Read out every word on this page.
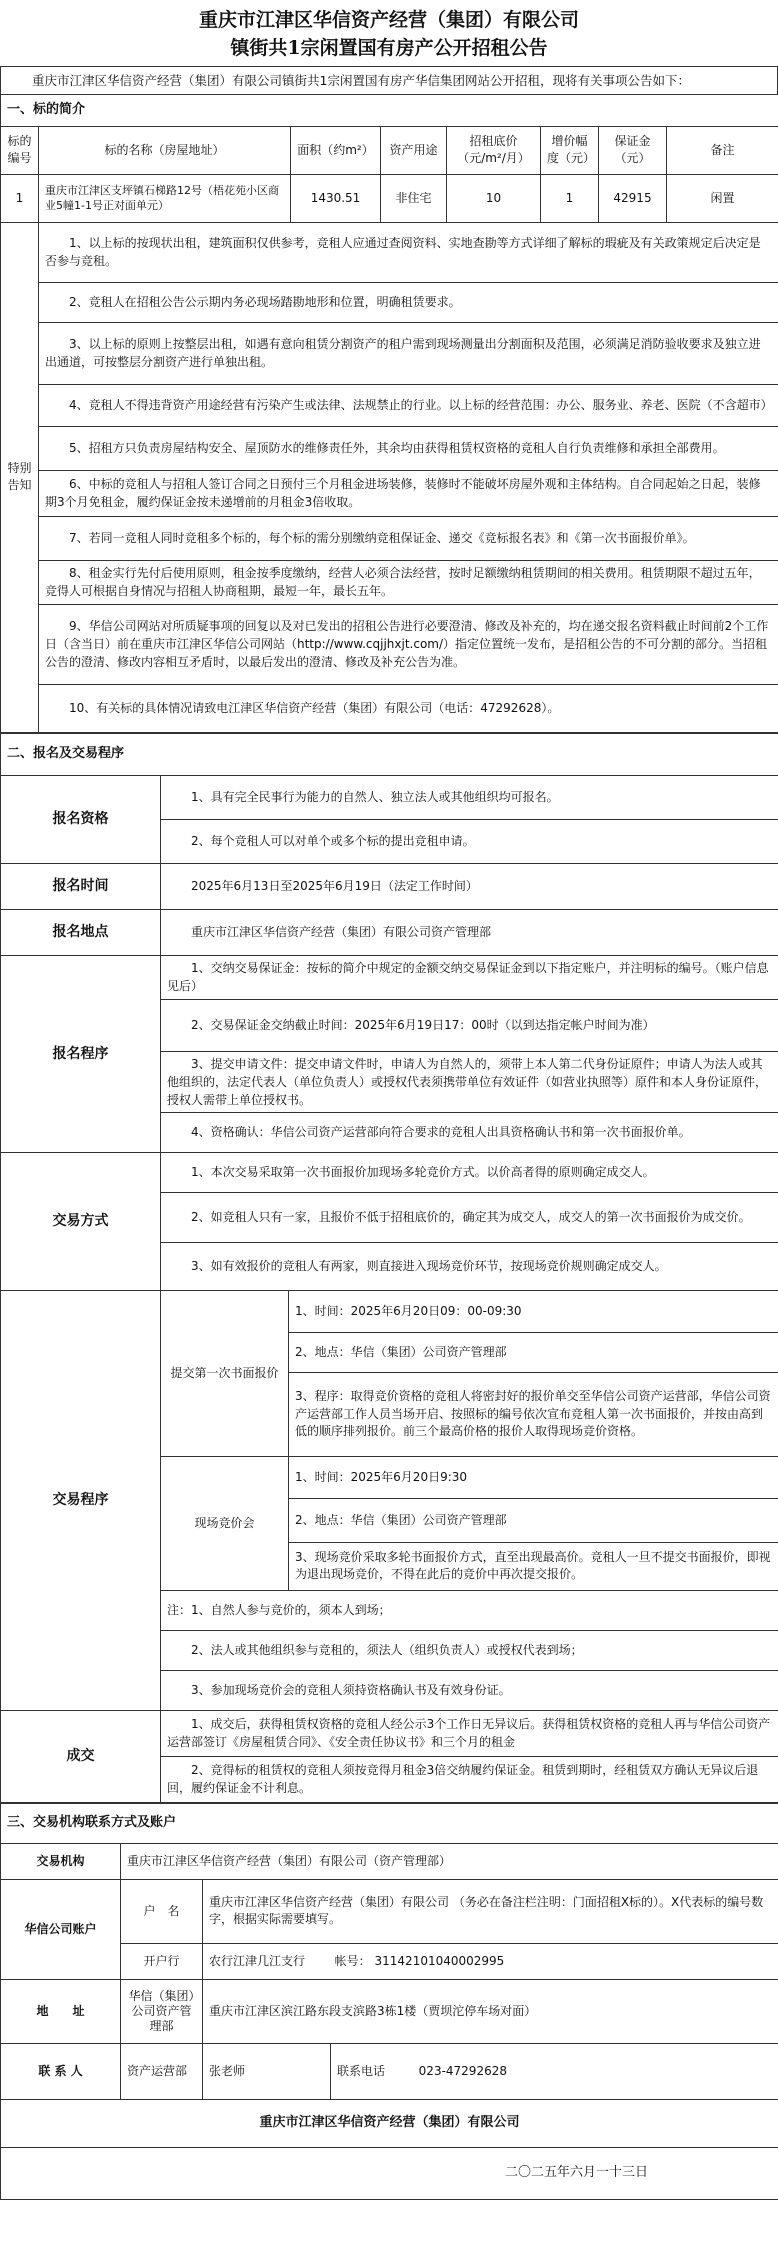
重庆市江津区华信资产经营（集团）有限公司
镇街共1宗闲置国有房产公开招租公告
重庆市江津区华信资产经营（集团）有限公司镇街共1宗闲置国有房产华信集团网站公开招租，现将有关事项公告如下：
一、标的简介							
标的编号	标的名称（房屋地址）	面积（约m²）	资产用途	招租底价（元/m²/月）	增价幅度（元）	保证金（元）	备注
1	重庆市江津区支坪镇石梯路12号（梧花苑小区商业5幢1-1号正对面单元）	1430.51	非住宅	10	1	42915	闲置
特别告知	1、以上标的按现状出租，建筑面积仅供参考，竞租人应通过查阅资料、实地查勘等方式详细了解标的瑕疵及有关政策规定后决定是否参与竞租。						
	2、竞租人在招租公告公示期内务必现场踏勘地形和位置，明确租赁要求。						
	3、以上标的原则上按整层出租，如遇有意向租赁分割资产的租户需到现场测量出分割面积及范围，必须满足消防验收要求及独立进出通道，可按整层分割资产进行单独出租。						
	4、竞租人不得违背资产用途经营有污染产生或法律、法规禁止的行业。以上标的经营范围：办公、服务业、养老、医院（不含超市）						
	5、招租方只负责房屋结构安全、屋顶防水的维修责任外，其余均由获得租赁权资格的竞租人自行负责维修和承担全部费用。						
	6、中标的竞租人与招租人签订合同之日预付三个月租金进场装修，装修时不能破坏房屋外观和主体结构。自合同起始之日起，装修期3个月免租金，履约保证金按未递增前的月租金3倍收取。						
	7、若同一竞租人同时竞租多个标的，每个标的需分别缴纳竞租保证金、递交《竞标报名表》和《第一次书面报价单》。						
	8、租金实行先付后使用原则，租金按季度缴纳，经营人必须合法经营，按时足额缴纳租赁期间的相关费用。租赁期限不超过五年，竞得人可根据自身情况与招租人协商租期，最短一年，最长五年。						
	9、华信公司网站对所质疑事项的回复以及对已发出的招租公告进行必要澄清、修改及补充的，均在递交报名资料截止时间前2个工作日（含当日）前在重庆市江津区华信公司网站（http://www.cqjjhxjt.com/）指定位置统一发布，是招租公告的不可分割的部分。当招租公告的澄清、修改内容相互矛盾时，以最后发出的澄清、修改及补充公告为准。						
	10、有关标的具体情况请致电江津区华信资产经营（集团）有限公司（电话：47292628）。						
二、报名及交易程序		
报名资格	1、具有完全民事行为能力的自然人、独立法人或其他组织均可报名。	
	2、每个竞租人可以对单个或多个标的提出竞租申请。	
报名时间	2025年6月13日至2025年6月19日（法定工作时间）	
报名地点	重庆市江津区华信资产经营（集团）有限公司资产管理部	
报名程序	1、交纳交易保证金：按标的简介中规定的金额交纳交易保证金到以下指定账户，并注明标的编号。（账户信息见后）	
	2、交易保证金交纳截止时间：2025年6月19日17：00时（以到达指定帐户时间为准）	
	3、提交申请文件：提交申请文件时，申请人为自然人的，须带上本人第二代身份证原件；申请人为法人或其他组织的，法定代表人（单位负责人）或授权代表须携带单位有效证件（如营业执照等）原件和本人身份证原件，授权人需带上单位授权书。	
	4、资格确认：华信公司资产运营部向符合要求的竞租人出具资格确认书和第一次书面报价单。	
交易方式	1、本次交易采取第一次书面报价加现场多轮竞价方式。以价高者得的原则确定成交人。	
	2、如竞租人只有一家，且报价不低于招租底价的，确定其为成交人，成交人的第一次书面报价为成交价。	
	3、如有效报价的竞租人有两家，则直接进入现场竞价环节，按现场竞价规则确定成交人。	
交易程序	提交第一次书面报价	1、时间：2025年6月20日09：00-09:30
		2、地点：华信（集团）公司资产管理部
		3、程序：取得竞价资格的竞租人将密封好的报价单交至华信公司资产运营部，华信公司资产运营部工作人员当场开启、按照标的编号依次宣布竞租人第一次书面报价，并按由高到低的顺序排列报价。前三个最高价格的报价人取得现场竞价资格。
	现场竞价会	1、时间：2025年6月20日9:30
		2、地点：华信（集团）公司资产管理部
		3、现场竞价采取多轮书面报价方式，直至出现最高价。竞租人一旦不提交书面报价，即视为退出现场竞价，不得在此后的竞价中再次提交报价。
	注：1、自然人参与竞价的，须本人到场；	
	2、法人或其他组织参与竞租的，须法人（组织负责人）或授权代表到场；	
	3、参加现场竞价会的竞租人须持资格确认书及有效身份证。	
成交	1、成交后，获得租赁权资格的竞租人经公示3个工作日无异议后。获得租赁权资格的竞租人再与华信公司资产运营部签订《房屋租赁合同》、《安全责任协议书》和三个月的租金	
	2、竞得标的租赁权的竞租人须按竞得月租金3倍交纳履约保证金。租赁到期时，经租赁双方确认无异议后退回，履约保证金不计利息。	
三、交易机构联系方式及账户			
交易机构	重庆市江津区华信资产经营（集团）有限公司（资产管理部）		
华信公司账户	户　名	重庆市江津区华信资产经营（集团）有限公司 （务必在备注栏注明：门面招租X标的）。X代表标的编号数字，根据实际需要填写。	
	开户行	农行江津几江支行 帐号： 31142101040002995	
地　　址	华信（集团）公司资产管理部	重庆市江津区滨江路东段支滨路3栋1楼（贾坝沱停车场对面）	
联 系 人	资产运营部	张老师	联系电话 023-47292628
重庆市江津区华信资产经营（集团）有限公司			
二〇二五年六月一十三日			
